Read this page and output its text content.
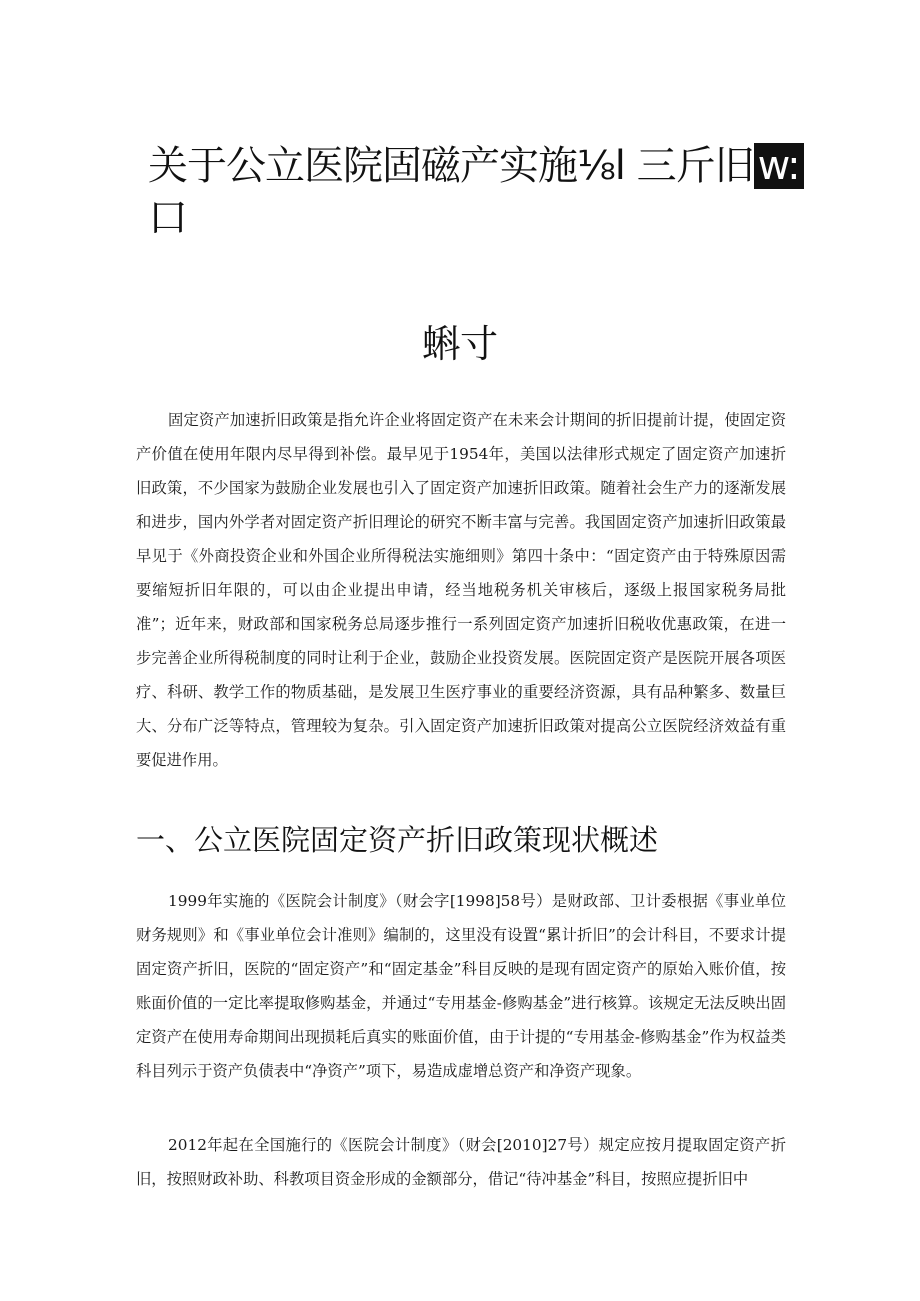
关于公立医院固磁产实施⅛l 三斤旧 w:
口
蝌寸

固定资产加速折旧政策是指允许企业将固定资产在未来会计期间的折旧提前计提，使固定资产价值在使用年限内尽早得到补偿。最早见于1954年，美国以法律形式规定了固定资产加速折旧政策，不少国家为鼓励企业发展也引入了固定资产加速折旧政策。随着社会生产力的逐渐发展和进步，国内外学者对固定资产折旧理论的研究不断丰富与完善。我国固定资产加速折旧政策最早见于《外商投资企业和外国企业所得税法实施细则》第四十条中：“固定资产由于特殊原因需要缩短折旧年限的，可以由企业提出申请，经当地税务机关审核后，逐级上报国家税务局批准”；近年来，财政部和国家税务总局逐步推行一系列固定资产加速折旧税收优惠政策，在进一步完善企业所得税制度的同时让利于企业，鼓励企业投资发展。医院固定资产是医院开展各项医疗、科研、教学工作的物质基础，是发展卫生医疗事业的重要经济资源，具有品种繁多、数量巨大、分布广泛等特点，管理较为复杂。引入固定资产加速折旧政策对提高公立医院经济效益有重要促进作用。

一、公立医院固定资产折旧政策现状概述

1999年实施的《医院会计制度》（财会字[1998]58号）是财政部、卫计委根据《事业单位财务规则》和《事业单位会计准则》编制的，这里没有设置“累计折旧”的会计科目，不要求计提固定资产折旧，医院的“固定资产”和“固定基金”科目反映的是现有固定资产的原始入账价值，按账面价值的一定比率提取修购基金，并通过“专用基金-修购基金”进行核算。该规定无法反映出固定资产在使用寿命期间出现损耗后真实的账面价值，由于计提的“专用基金-修购基金”作为权益类科目列示于资产负债表中“净资产”项下，易造成虚增总资产和净资产现象。

2012年起在全国施行的《医院会计制度》（财会[2010]27号）规定应按月提取固定资产折旧，按照财政补助、科教项目资金形成的金额部分，借记“待冲基金”科目，按照应提折旧中
